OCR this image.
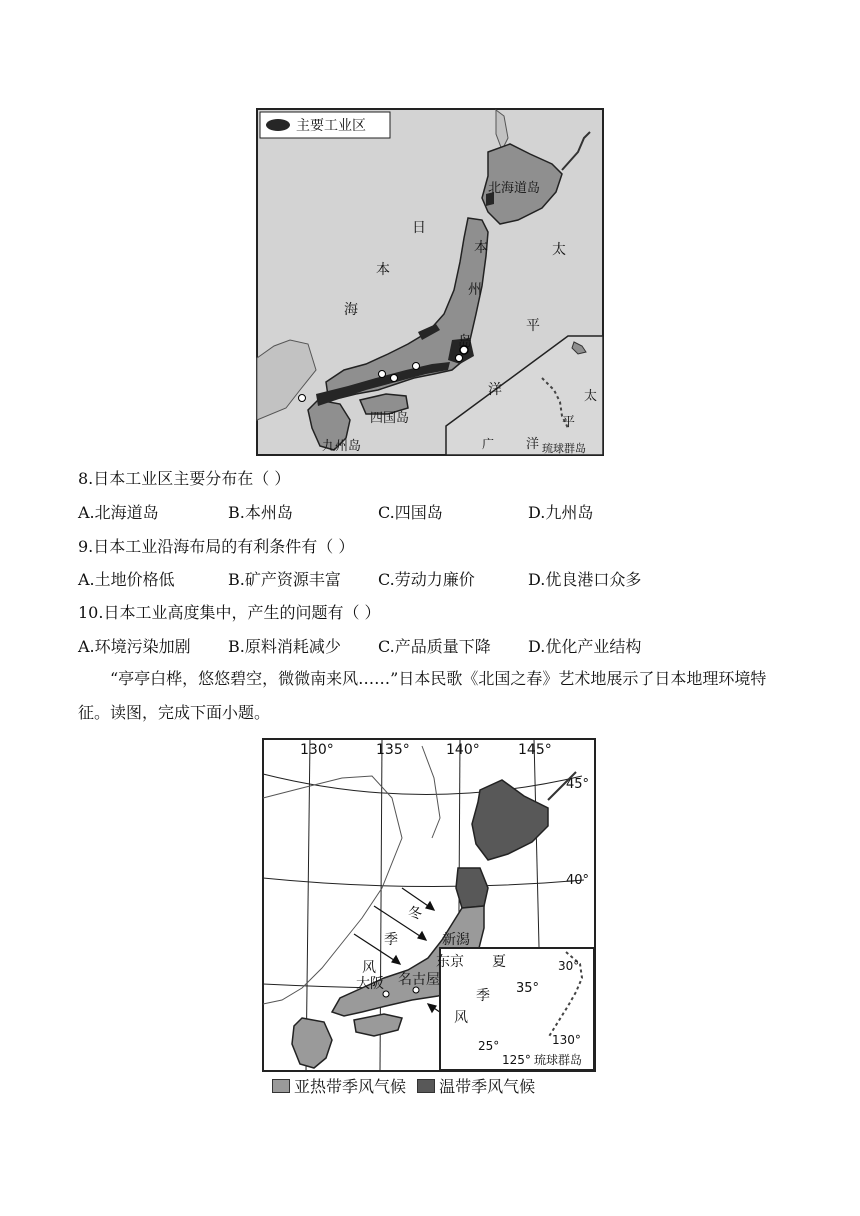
主要工业区
北海道岛
本
州
岛
四国岛
九州岛
日
本
海
太
平
洋	太
平
洋
广	琉球群岛
8.日本工业区主要分布在（ ）
A.北海道岛	B.本州岛	C.四国岛	D.九州岛
9.日本工业沿海布局的有利条件有（ ）
A.土地价格低	B.矿产资源丰富 C.劳动力廉价	D.优良港口众多
10.日本工业高度集中，产生的问题有（ ）
A.环境污染加剧 B.原料消耗减少 C.产品质量下降 D.优化产业结构
“亭亭白桦，悠悠碧空，微微南来风……”日本民歌《北国之春》艺术地展示了日本地理环境特征。读图，完成下面小题。
130°	135°	140°	145°
45°
40°
35°
冬
季
风	夏
季
风
新潟
东京
名古屋
大阪
30°
130°
25°
125° 琉球群岛
亚热带季风气候 温带季风气候
